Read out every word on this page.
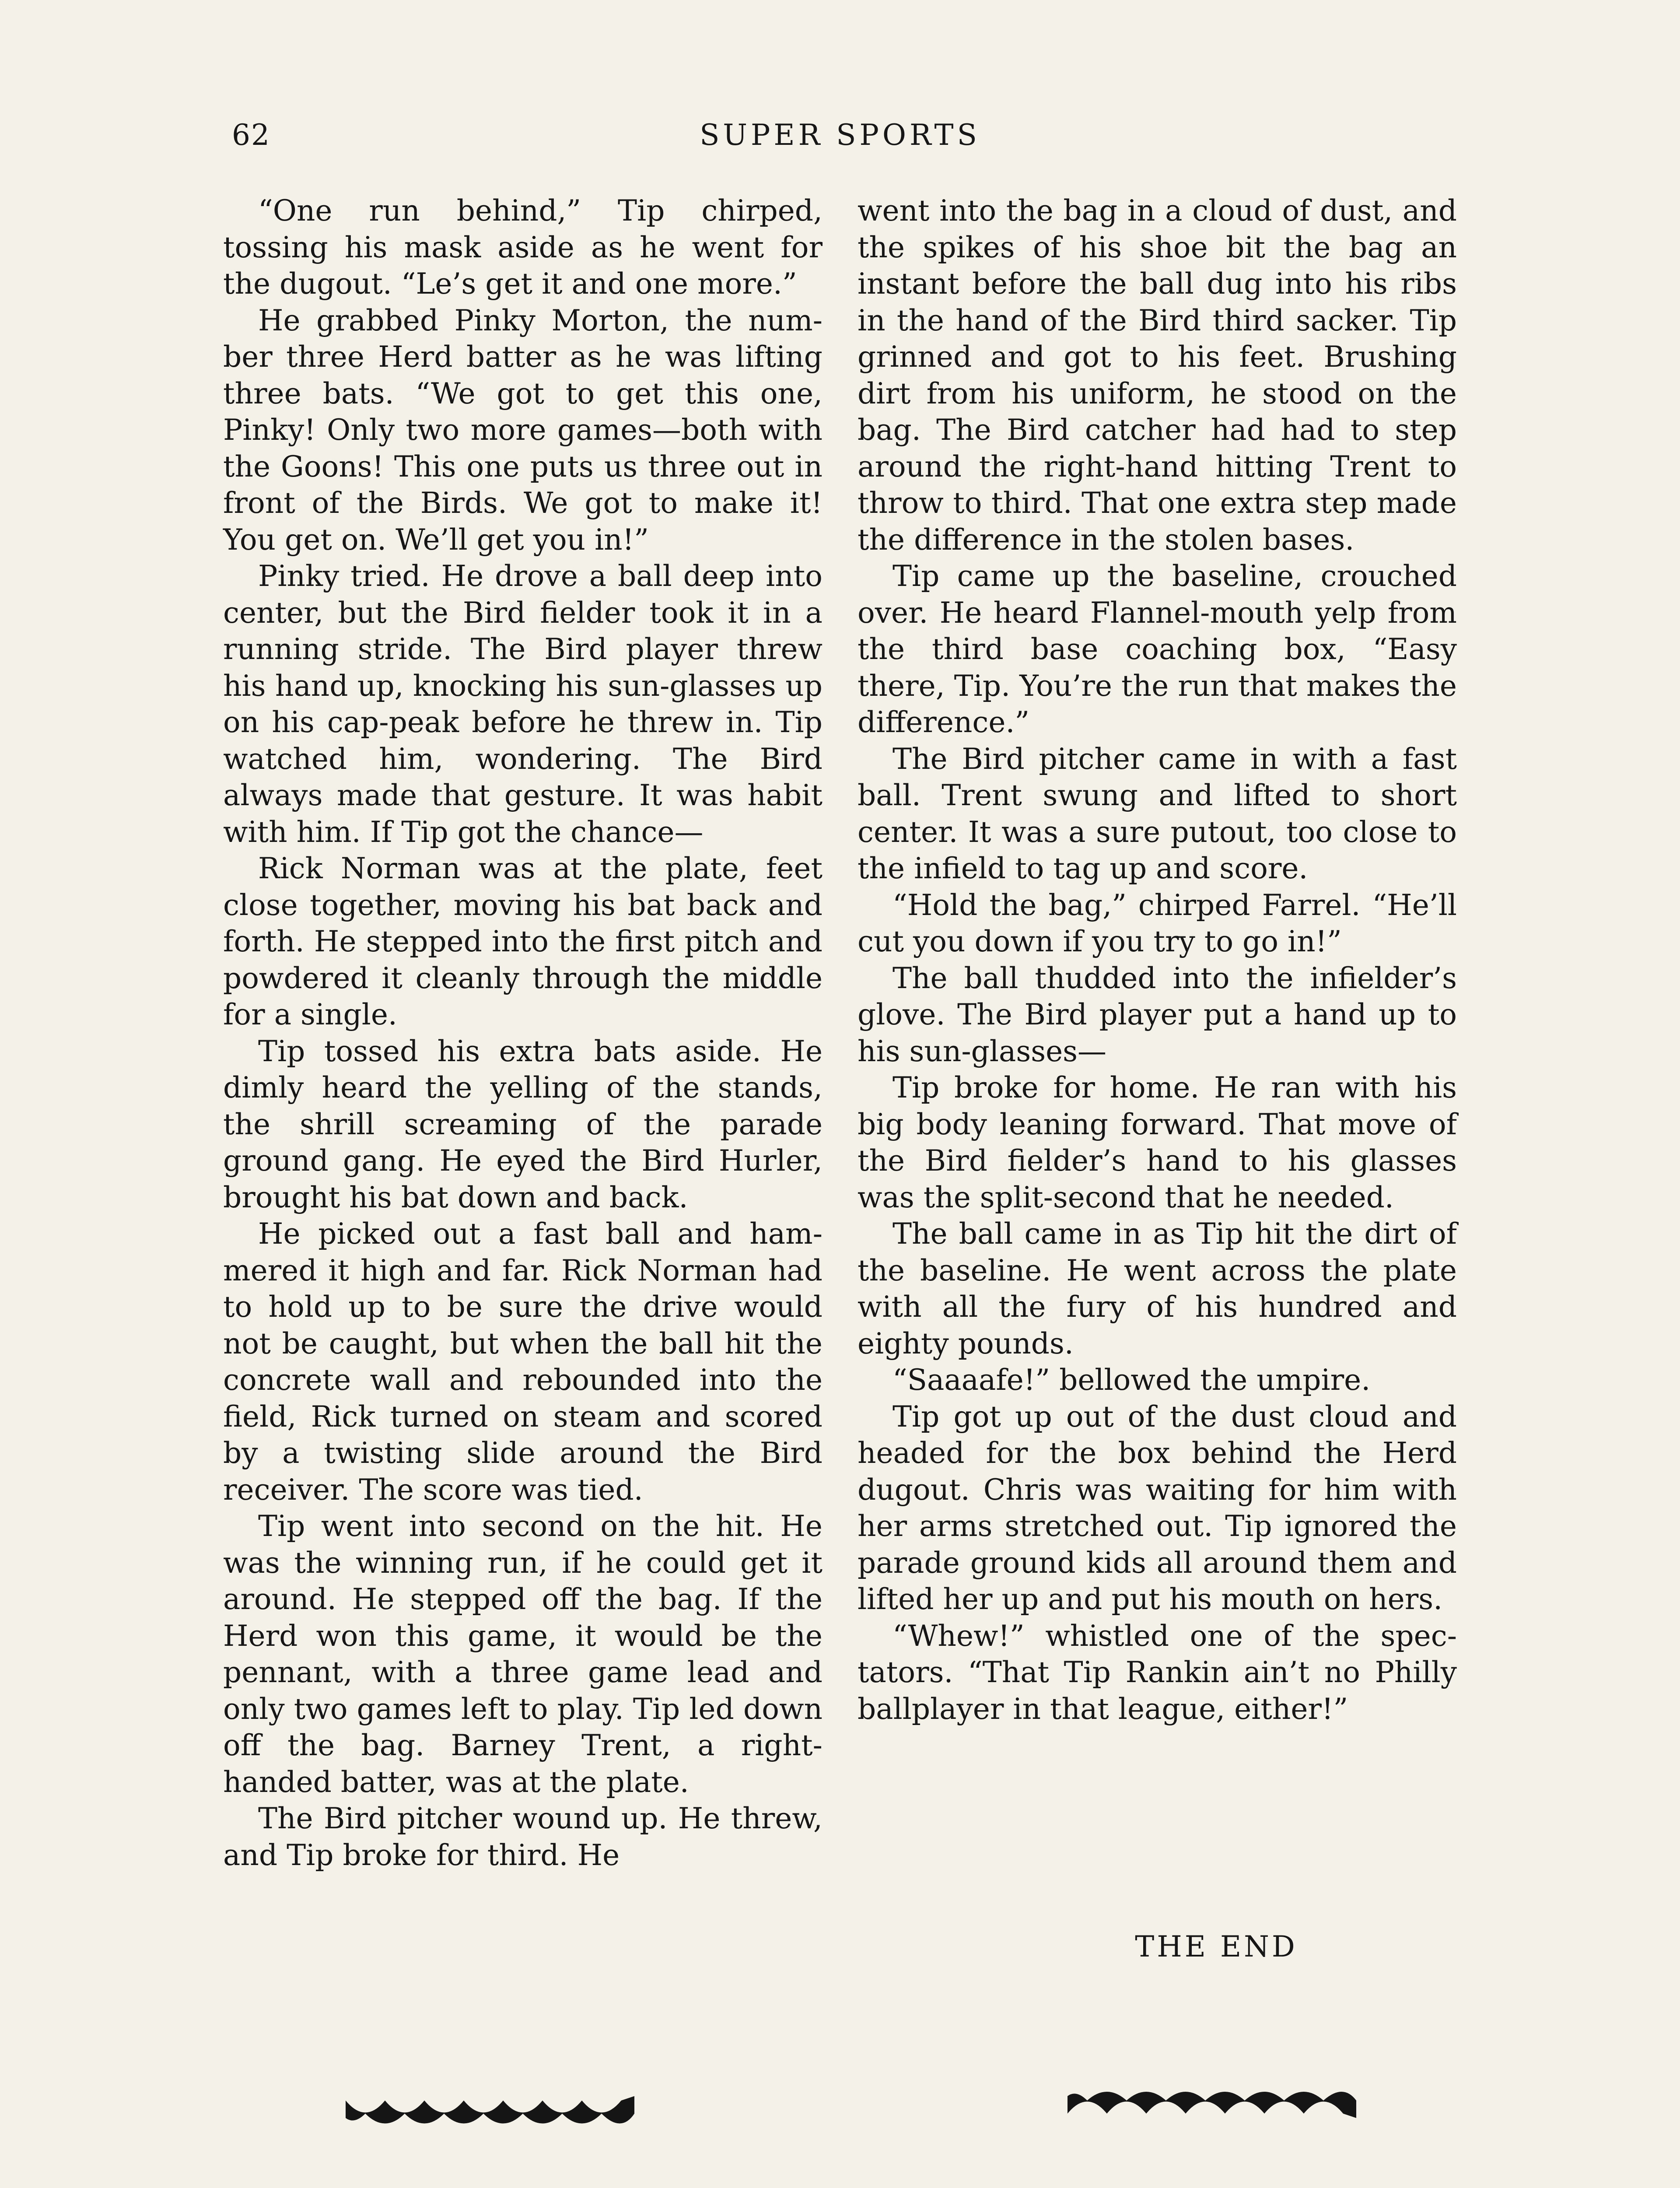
62	SUPER SPORTS

“One run behind,” Tip chirped, tossing his mask aside as he went for the dugout. “Le’s get it and one more.”

He grabbed Pinky Morton, the number three Herd batter as he was lifting three bats. “We got to get this one, Pinky! Only two more games—both with the Goons! This one puts us three out in front of the Birds. We got to make it! You get on. We’ll get you in!”

Pinky tried. He drove a ball deep into center, but the Bird fielder took it in a running stride. The Bird player threw his hand up, knocking his sun-glasses up on his cap-peak before he threw in. Tip watched him, wondering. The Bird always made that gesture. It was habit with him. If Tip got the chance—

Rick Norman was at the plate, feet close together, moving his bat back and forth. He stepped into the first pitch and powdered it cleanly through the middle for a single.

Tip tossed his extra bats aside. He dimly heard the yelling of the stands, the shrill screaming of the parade ground gang. He eyed the Bird Hurler, brought his bat down and back.

He picked out a fast ball and hammered it high and far. Rick Norman had to hold up to be sure the drive would not be caught, but when the ball hit the concrete wall and rebounded into the field, Rick turned on steam and scored by a twisting slide around the Bird receiver. The score was tied.

Tip went into second on the hit. He was the winning run, if he could get it around. He stepped off the bag. If the Herd won this game, it would be the pennant, with a three game lead and only two games left to play. Tip led down off the bag. Barney Trent, a right-handed batter, was at the plate.

The Bird pitcher wound up. He threw, and Tip broke for third. He

went into the bag in a cloud of dust, and the spikes of his shoe bit the bag an instant before the ball dug into his ribs in the hand of the Bird third sacker. Tip grinned and got to his feet. Brushing dirt from his uniform, he stood on the bag. The Bird catcher had had to step around the right-hand hitting Trent to throw to third. That one extra step made the difference in the stolen bases.

Tip came up the baseline, crouched over. He heard Flannel-mouth yelp from the third base coaching box, “Easy there, Tip. You’re the run that makes the difference.”

The Bird pitcher came in with a fast ball. Trent swung and lifted to short center. It was a sure putout, too close to the infield to tag up and score.

“Hold the bag,” chirped Farrel. “He’ll cut you down if you try to go in!”

The ball thudded into the infielder’s glove. The Bird player put a hand up to his sun-glasses—

Tip broke for home. He ran with his big body leaning forward. That move of the Bird fielder’s hand to his glasses was the split-second that he needed.

The ball came in as Tip hit the dirt of the baseline. He went across the plate with all the fury of his hundred and eighty pounds.

“Saaaafe!” bellowed the umpire.

Tip got up out of the dust cloud and headed for the box behind the Herd dugout. Chris was waiting for him with her arms stretched out. Tip ignored the parade ground kids all around them and lifted her up and put his mouth on hers.

“Whew!” whistled one of the spectators. “That Tip Rankin ain’t no Philly ballplayer in that league, either!”

THE END
